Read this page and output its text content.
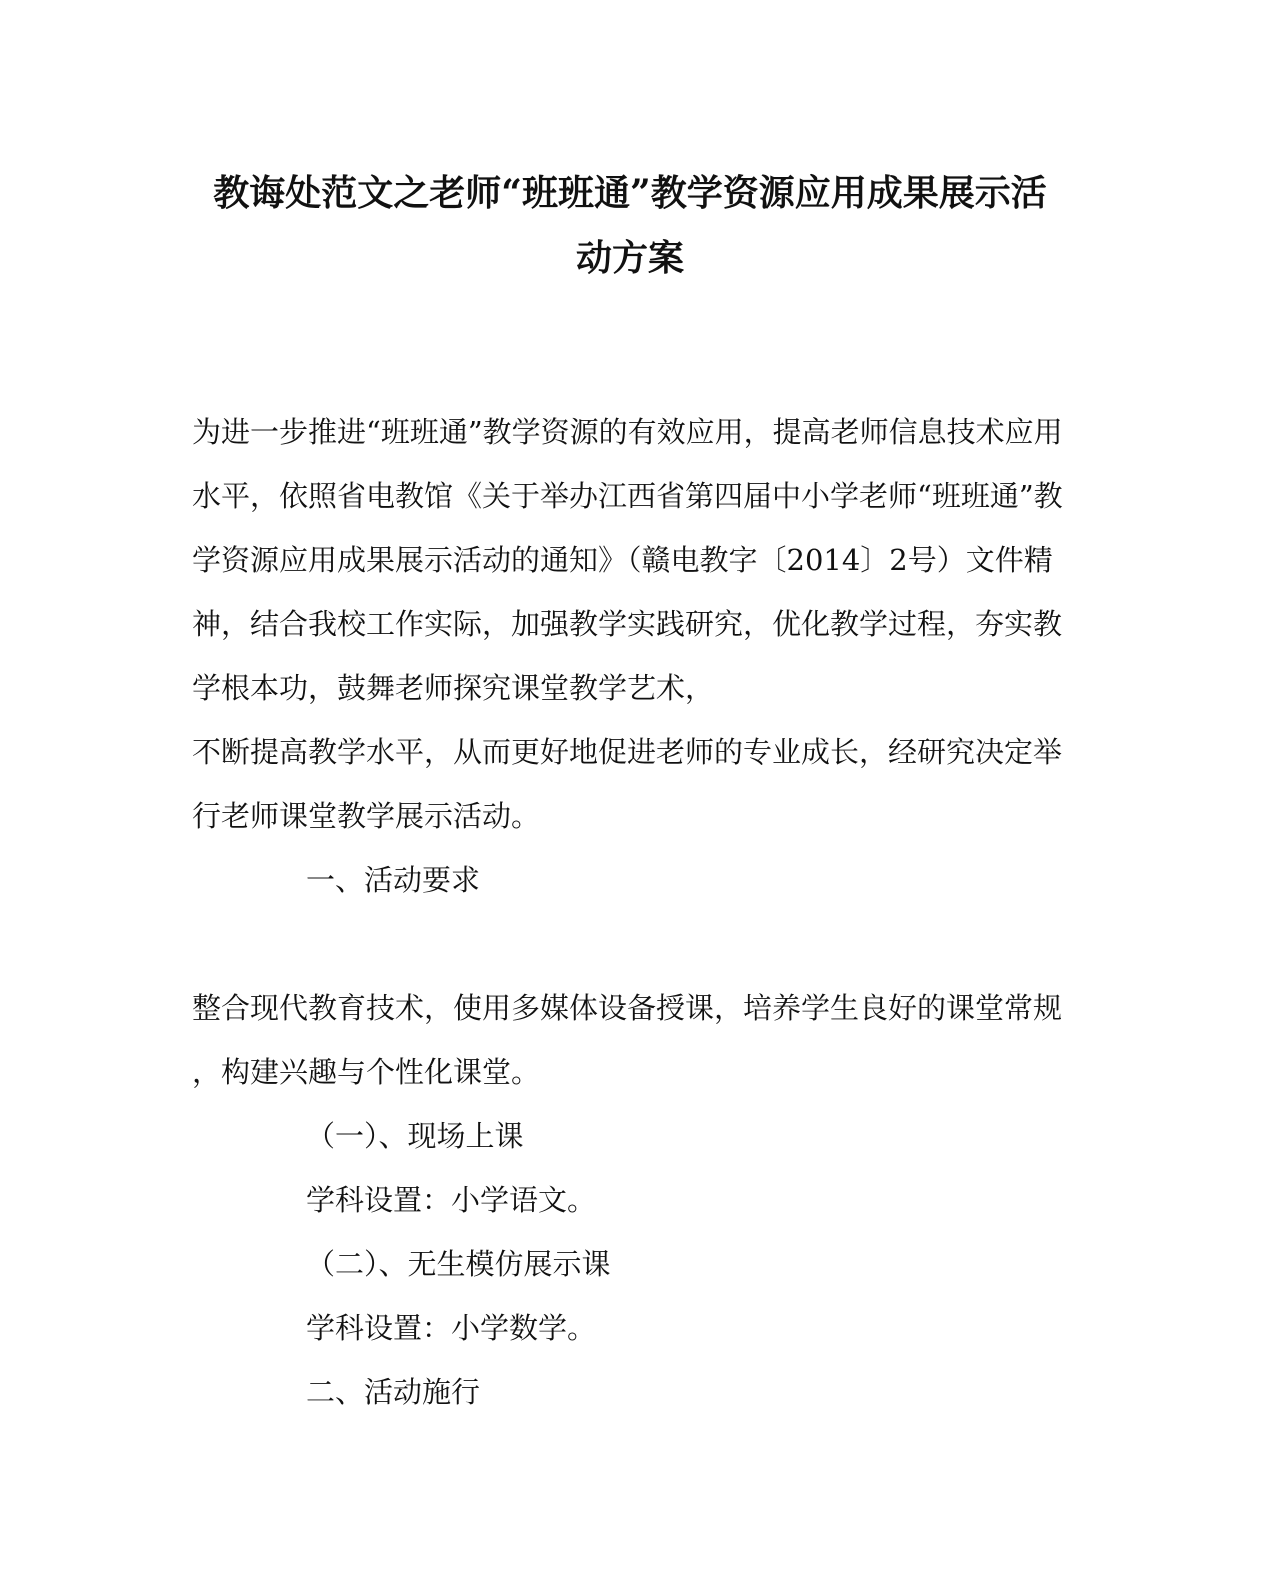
教诲处范文之老师“班班通”教学资源应用成果展示活
动方案
为进一步推进“班班通”教学资源的有效应用，提高老师信息技术应用
水平，依照省电教馆《关于举办江西省第四届中小学老师“班班通”教
学资源应用成果展示活动的通知》（赣电教字〔2014〕2号）文件精
神，结合我校工作实际，加强教学实践研究，优化教学过程，夯实教
学根本功，鼓舞老师探究课堂教学艺术，
不断提高教学水平，从而更好地促进老师的专业成长，经研究决定举
行老师课堂教学展示活动。
一、活动要求
整合现代教育技术，使用多媒体设备授课，培养学生良好的课堂常规
，构建兴趣与个性化课堂。
（一）、现场上课
学科设置：小学语文。
（二）、无生模仿展示课
学科设置：小学数学。
二、活动施行
